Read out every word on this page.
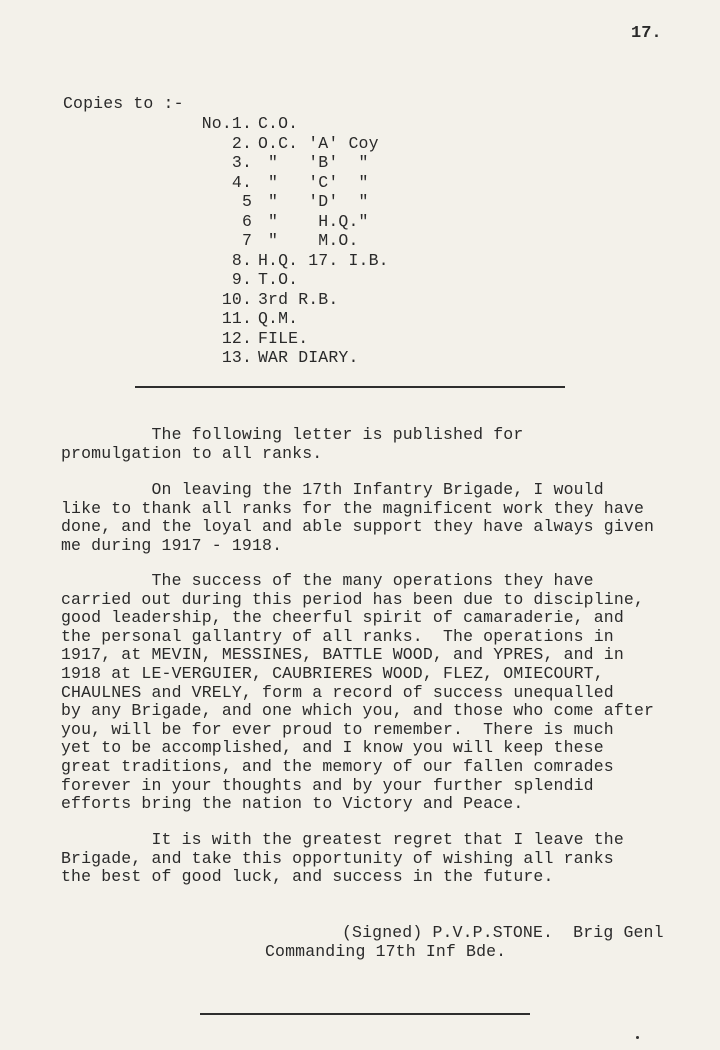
17.
Copies to :-
No.1. C.O.
2. O.C. 'A' Coy
3. "   'B'  "
4. "   'C'  "
5 "   'D'  "
6 "    H.Q."
7 "    M.O.
8. H.Q. 17. I.B.
9. T.O.
10. 3rd R.B.
11. Q.M.
12. FILE.
13. WAR DIARY.
The following letter is published for
promulgation to all ranks.
On leaving the 17th Infantry Brigade, I would
like to thank all ranks for the magnificent work they have
done, and the loyal and able support they have always given
me during 1917 - 1918.
The success of the many operations they have
carried out during this period has been due to discipline,
good leadership, the cheerful spirit of camaraderie, and
the personal gallantry of all ranks.  The operations in
1917, at MEVIN, MESSINES, BATTLE WOOD, and YPRES, and in
1918 at LE-VERGUIER, CAUBRIERES WOOD, FLEZ, OMIECOURT,
CHAULNES and VRELY, form a record of success unequalled
by any Brigade, and one which you, and those who come after
you, will be for ever proud to remember.  There is much
yet to be accomplished, and I know you will keep these
great traditions, and the memory of our fallen comrades
forever in your thoughts and by your further splendid
efforts bring the nation to Victory and Peace.
It is with the greatest regret that I leave the
Brigade, and take this opportunity of wishing all ranks
the best of good luck, and success in the future.
(Signed) P.V.P.STONE.  Brig Genl
Commanding 17th Inf Bde.
